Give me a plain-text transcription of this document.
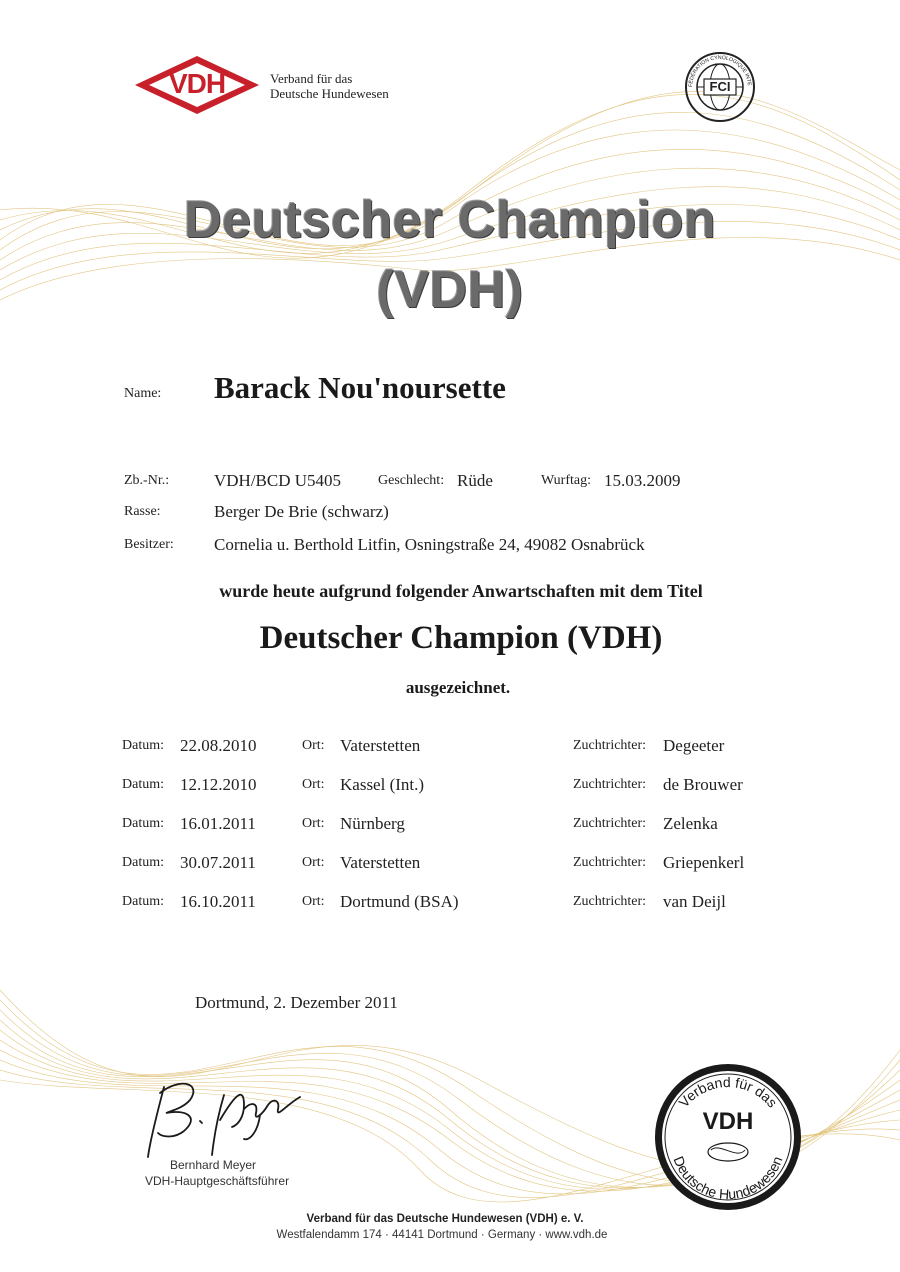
VDH	Verband für das
Deutsche Hundewesen
FÉDÉRATION CYNOLOGIQUE INTE
FCI
Deutscher Champion
(VDH)
Name: Barack Nou'noursette
Zb.-Nr.:	VDH/BCD U5405	Geschlecht: Rüde	Wurftag: 15.03.2009
Rasse:	Berger De Brie (schwarz)
Besitzer: Cornelia u. Berthold Litfin, Osningstraße 24, 49082 Osnabrück
wurde heute aufgrund folgender Anwartschaften mit dem Titel
Deutscher Champion (VDH)
ausgezeichnet.
Datum: 22.08.2010	Ort: Vaterstetten	Zuchtrichter: Degeeter
Datum: 12.12.2010	Ort: Kassel (Int.)	Zuchtrichter: de Brouwer
Datum: 16.01.2011	Ort: Nürnberg	Zuchtrichter: Zelenka
Datum: 30.07.2011	Ort: Vaterstetten	Zuchtrichter: Griepenkerl
Datum: 16.10.2011	Ort: Dortmund (BSA)	Zuchtrichter: van Deijl
Dortmund, 2. Dezember 2011
Bernhard Meyer
VDH-Hauptgeschäftsführer
Verband für das
Deutsche Hundewesen
VDH
Verband für das Deutsche Hundewesen (VDH) e. V.
Westfalendamm 174 · 44141 Dortmund · Germany · www.vdh.de
